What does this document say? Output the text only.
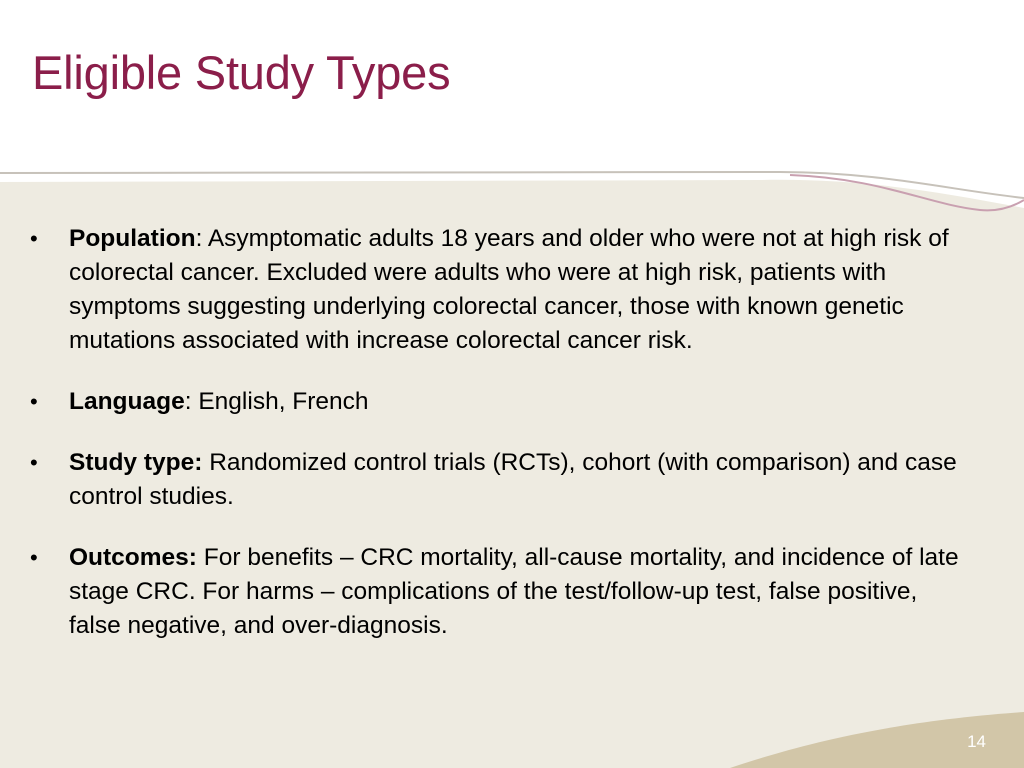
Eligible Study Types
•	Population: Asymptomatic adults 18 years and older who were not at high risk of colorectal cancer. Excluded were adults who were at high risk, patients with symptoms suggesting underlying colorectal cancer, those with known genetic mutations associated with increase colorectal cancer risk.
•	Language: English, French
•	Study type: Randomized control trials (RCTs), cohort (with comparison) and case control studies.
•	Outcomes: For benefits – CRC mortality, all-cause mortality, and incidence of late stage CRC. For harms – complications of the test/follow-up test, false positive, false negative, and over-diagnosis.
14
